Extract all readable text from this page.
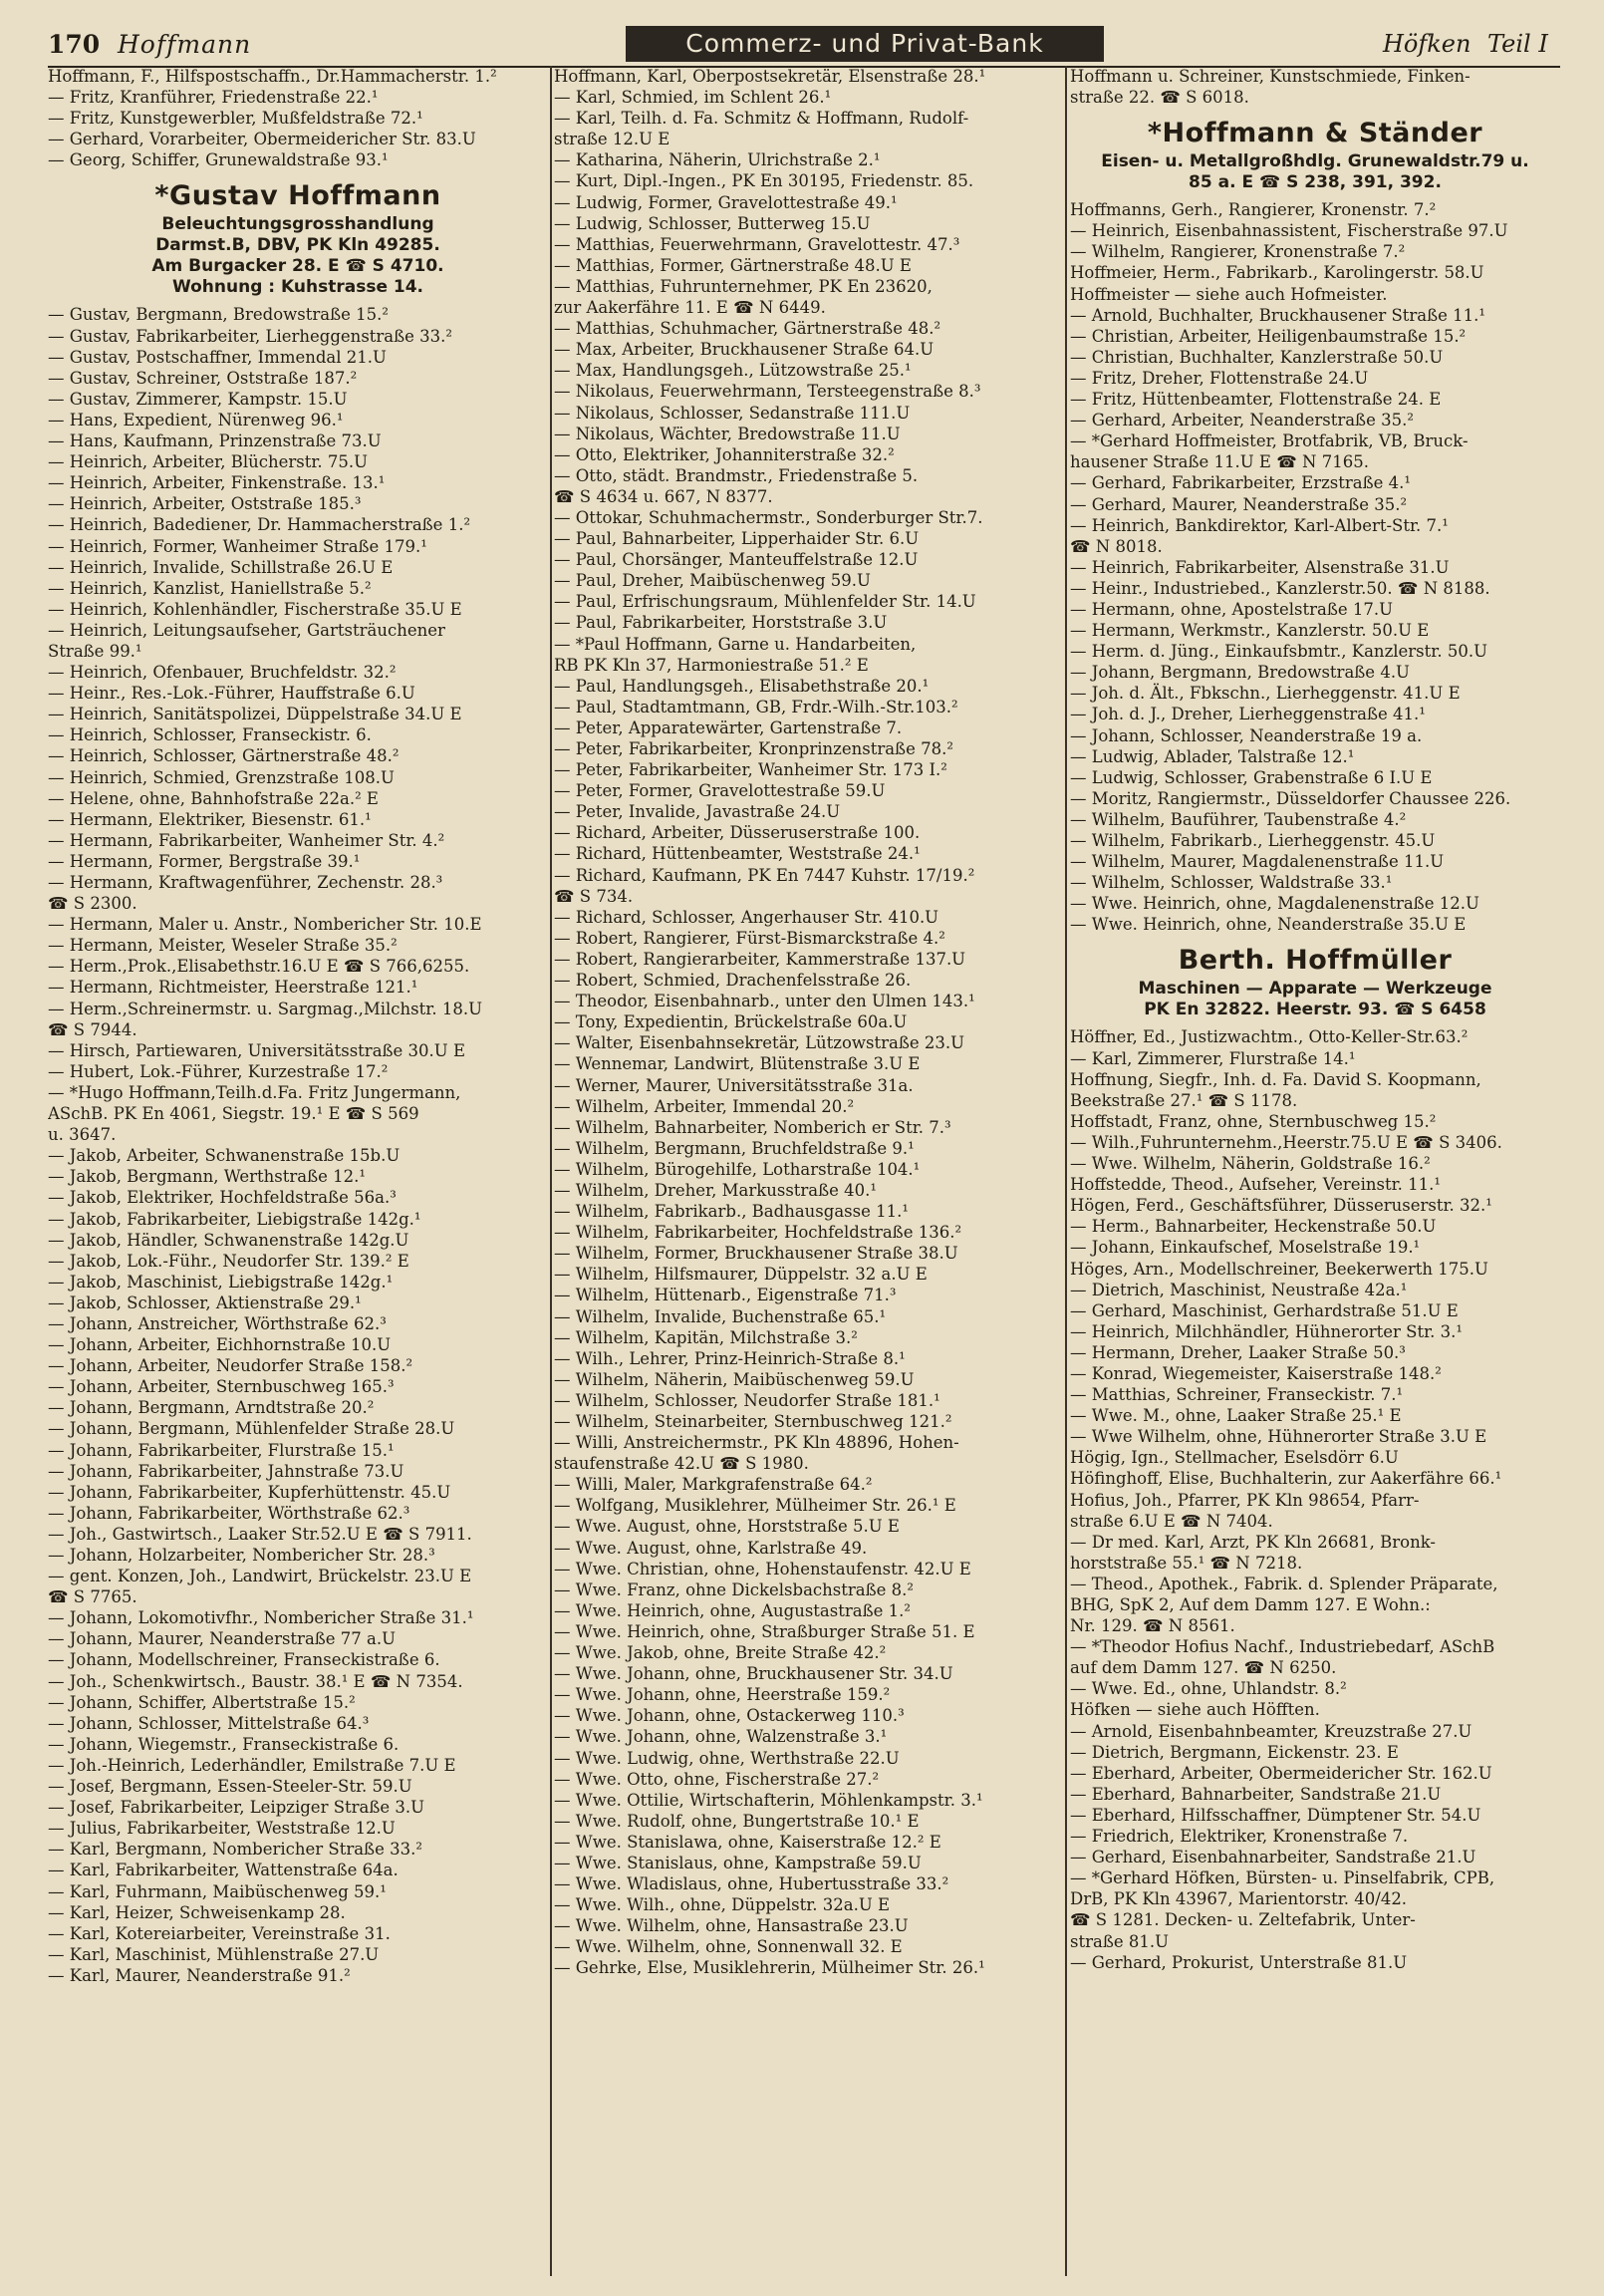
170 Hoffmann	Commerz- und Privat-Bank	Höfken Teil I
Hoffmann, F., Hilfspostschaffn., Dr.Hammacherstr. 1.²
— Fritz, Kranführer, Friedenstraße 22.¹
— Fritz, Kunstgewerbler, Mußfeldstraße 72.¹
— Gerhard, Vorarbeiter, Obermeidericher Str. 83.U
— Georg, Schiffer, Grunewaldstraße 93.¹
*Gustav Hoffmann
Beleuchtungsgrosshandlung
Darmst.B, DBV, PK Kln 49285.
Am Burgacker 28. E ☎ S 4710.
Wohnung : Kuhstrasse 14.
— Gustav, Bergmann, Bredowstraße 15.²
— Gustav, Fabrikarbeiter, Lierheggenstraße 33.²
— Gustav, Postschaffner, Immendal 21.U
— Gustav, Schreiner, Oststraße 187.²
— Gustav, Zimmerer, Kampstr. 15.U
— Hans, Expedient, Nürenweg 96.¹
— Hans, Kaufmann, Prinzenstraße 73.U
— Heinrich, Arbeiter, Blücherstr. 75.U
— Heinrich, Arbeiter, Finkenstraße. 13.¹
— Heinrich, Arbeiter, Oststraße 185.³
— Heinrich, Badediener, Dr. Hammacherstraße 1.²
— Heinrich, Former, Wanheimer Straße 179.¹
— Heinrich, Invalide, Schillstraße 26.U E
— Heinrich, Kanzlist, Haniellstraße 5.²
— Heinrich, Kohlenhändler, Fischerstraße 35.U E
— Heinrich, Leitungsaufseher, Gartsträuchener
Straße 99.¹
— Heinrich, Ofenbauer, Bruchfeldstr. 32.²
— Heinr., Res.-Lok.-Führer, Hauffstraße 6.U
— Heinrich, Sanitätspolizei, Düppelstraße 34.U E
— Heinrich, Schlosser, Franseckistr. 6.
— Heinrich, Schlosser, Gärtnerstraße 48.²
— Heinrich, Schmied, Grenzstraße 108.U
— Helene, ohne, Bahnhofstraße 22a.² E
— Hermann, Elektriker, Biesenstr. 61.¹
— Hermann, Fabrikarbeiter, Wanheimer Str. 4.²
— Hermann, Former, Bergstraße 39.¹
— Hermann, Kraftwagenführer, Zechenstr. 28.³
☎ S 2300.
— Hermann, Maler u. Anstr., Nombericher Str. 10.E
— Hermann, Meister, Weseler Straße 35.²
— Herm.,Prok.,Elisabethstr.16.U E ☎ S 766,6255.
— Hermann, Richtmeister, Heerstraße 121.¹
— Herm.,Schreinermstr. u. Sargmag.,Milchstr. 18.U
☎ S 7944.
— Hirsch, Partiewaren, Universitätsstraße 30.U E
— Hubert, Lok.-Führer, Kurzestraße 17.²
— *Hugo Hoffmann,Teilh.d.Fa. Fritz Jungermann,
ASchB. PK En 4061, Siegstr. 19.¹ E ☎ S 569
u. 3647.
— Jakob, Arbeiter, Schwanenstraße 15b.U
— Jakob, Bergmann, Werthstraße 12.¹
— Jakob, Elektriker, Hochfeldstraße 56a.³
— Jakob, Fabrikarbeiter, Liebigstraße 142g.¹
— Jakob, Händler, Schwanenstraße 142g.U
— Jakob, Lok.-Führ., Neudorfer Str. 139.² E
— Jakob, Maschinist, Liebigstraße 142g.¹
— Jakob, Schlosser, Aktienstraße 29.¹
— Johann, Anstreicher, Wörthstraße 62.³
— Johann, Arbeiter, Eichhornstraße 10.U
— Johann, Arbeiter, Neudorfer Straße 158.²
— Johann, Arbeiter, Sternbuschweg 165.³
— Johann, Bergmann, Arndtstraße 20.²
— Johann, Bergmann, Mühlenfelder Straße 28.U
— Johann, Fabrikarbeiter, Flurstraße 15.¹
— Johann, Fabrikarbeiter, Jahnstraße 73.U
— Johann, Fabrikarbeiter, Kupferhüttenstr. 45.U
— Johann, Fabrikarbeiter, Wörthstraße 62.³
— Joh., Gastwirtsch., Laaker Str.52.U E ☎ S 7911.
— Johann, Holzarbeiter, Nombericher Str. 28.³
— gent. Konzen, Joh., Landwirt, Brückelstr. 23.U E
☎ S 7765.
— Johann, Lokomotivfhr., Nombericher Straße 31.¹
— Johann, Maurer, Neanderstraße 77 a.U
— Johann, Modellschreiner, Franseckistraße 6.
— Joh., Schenkwirtsch., Baustr. 38.¹ E ☎ N 7354.
— Johann, Schiffer, Albertstraße 15.²
— Johann, Schlosser, Mittelstraße 64.³
— Johann, Wiegemstr., Franseckistraße 6.
— Joh.-Heinrich, Lederhändler, Emilstraße 7.U E
— Josef, Bergmann, Essen-Steeler-Str. 59.U
— Josef, Fabrikarbeiter, Leipziger Straße 3.U
— Julius, Fabrikarbeiter, Weststraße 12.U
— Karl, Bergmann, Nombericher Straße 33.²
— Karl, Fabrikarbeiter, Wattenstraße 64a.
— Karl, Fuhrmann, Maibüschenweg 59.¹
— Karl, Heizer, Schweisenkamp 28.
— Karl, Kotereiarbeiter, Vereinstraße 31.
— Karl, Maschinist, Mühlenstraße 27.U
— Karl, Maurer, Neanderstraße 91.²
Hoffmann, Karl, Oberpostsekretär, Elsenstraße 28.¹
— Karl, Schmied, im Schlent 26.¹
— Karl, Teilh. d. Fa. Schmitz & Hoffmann, Rudolf-
straße 12.U E
— Katharina, Näherin, Ulrichstraße 2.¹
— Kurt, Dipl.-Ingen., PK En 30195, Friedenstr. 85.
— Ludwig, Former, Gravelottestraße 49.¹
— Ludwig, Schlosser, Butterweg 15.U
— Matthias, Feuerwehrmann, Gravelottestr. 47.³
— Matthias, Former, Gärtnerstraße 48.U E
— Matthias, Fuhrunternehmer, PK En 23620,
zur Aakerfähre 11. E ☎ N 6449.
— Matthias, Schuhmacher, Gärtnerstraße 48.²
— Max, Arbeiter, Bruckhausener Straße 64.U
— Max, Handlungsgeh., Lützowstraße 25.¹
— Nikolaus, Feuerwehrmann, Tersteegenstraße 8.³
— Nikolaus, Schlosser, Sedanstraße 111.U
— Nikolaus, Wächter, Bredowstraße 11.U
— Otto, Elektriker, Johanniterstraße 32.²
— Otto, städt. Brandmstr., Friedenstraße 5.
☎ S 4634 u. 667, N 8377.
— Ottokar, Schuhmachermstr., Sonderburger Str.7.
— Paul, Bahnarbeiter, Lipperhaider Str. 6.U
— Paul, Chorsänger, Manteuffelstraße 12.U
— Paul, Dreher, Maibüschenweg 59.U
— Paul, Erfrischungsraum, Mühlenfelder Str. 14.U
— Paul, Fabrikarbeiter, Horststraße 3.U
— *Paul Hoffmann, Garne u. Handarbeiten,
RB PK Kln 37, Harmoniestraße 51.² E
— Paul, Handlungsgeh., Elisabethstraße 20.¹
— Paul, Stadtamtmann, GB, Frdr.-Wilh.-Str.103.²
— Peter, Apparatewärter, Gartenstraße 7.
— Peter, Fabrikarbeiter, Kronprinzenstraße 78.²
— Peter, Fabrikarbeiter, Wanheimer Str. 173 I.²
— Peter, Former, Gravelottestraße 59.U
— Peter, Invalide, Javastraße 24.U
— Richard, Arbeiter, Düsseruserstraße 100.
— Richard, Hüttenbeamter, Weststraße 24.¹
— Richard, Kaufmann, PK En 7447 Kuhstr. 17/19.²
☎ S 734.
— Richard, Schlosser, Angerhauser Str. 410.U
— Robert, Rangierer, Fürst-Bismarckstraße 4.²
— Robert, Rangierarbeiter, Kammerstraße 137.U
— Robert, Schmied, Drachenfelsstraße 26.
— Theodor, Eisenbahnarb., unter den Ulmen 143.¹
— Tony, Expedientin, Brückelstraße 60a.U
— Walter, Eisenbahnsekretär, Lützowstraße 23.U
— Wennemar, Landwirt, Blütenstraße 3.U E
— Werner, Maurer, Universitätsstraße 31a.
— Wilhelm, Arbeiter, Immendal 20.²
— Wilhelm, Bahnarbeiter, Nomberich er Str. 7.³
— Wilhelm, Bergmann, Bruchfeldstraße 9.¹
— Wilhelm, Bürogehilfe, Lotharstraße 104.¹
— Wilhelm, Dreher, Markusstraße 40.¹
— Wilhelm, Fabrikarb., Badhausgasse 11.¹
— Wilhelm, Fabrikarbeiter, Hochfeldstraße 136.²
— Wilhelm, Former, Bruckhausener Straße 38.U
— Wilhelm, Hilfsmaurer, Düppelstr. 32 a.U E
— Wilhelm, Hüttenarb., Eigenstraße 71.³
— Wilhelm, Invalide, Buchenstraße 65.¹
— Wilhelm, Kapitän, Milchstraße 3.²
— Wilh., Lehrer, Prinz-Heinrich-Straße 8.¹
— Wilhelm, Näherin, Maibüschenweg 59.U
— Wilhelm, Schlosser, Neudorfer Straße 181.¹
— Wilhelm, Steinarbeiter, Sternbuschweg 121.²
— Willi, Anstreichermstr., PK Kln 48896, Hohen-
staufenstraße 42.U ☎ S 1980.
— Willi, Maler, Markgrafenstraße 64.²
— Wolfgang, Musiklehrer, Mülheimer Str. 26.¹ E
— Wwe. August, ohne, Horststraße 5.U E
— Wwe. August, ohne, Karlstraße 49.
— Wwe. Christian, ohne, Hohenstaufenstr. 42.U E
— Wwe. Franz, ohne Dickelsbachstraße 8.²
— Wwe. Heinrich, ohne, Augustastraße 1.²
— Wwe. Heinrich, ohne, Straßburger Straße 51. E
— Wwe. Jakob, ohne, Breite Straße 42.²
— Wwe. Johann, ohne, Bruckhausener Str. 34.U
— Wwe. Johann, ohne, Heerstraße 159.²
— Wwe. Johann, ohne, Ostackerweg 110.³
— Wwe. Johann, ohne, Walzenstraße 3.¹
— Wwe. Ludwig, ohne, Werthstraße 22.U
— Wwe. Otto, ohne, Fischerstraße 27.²
— Wwe. Ottilie, Wirtschafterin, Möhlenkampstr. 3.¹
— Wwe. Rudolf, ohne, Bungertstraße 10.¹ E
— Wwe. Stanislawa, ohne, Kaiserstraße 12.² E
— Wwe. Stanislaus, ohne, Kampstraße 59.U
— Wwe. Wladislaus, ohne, Hubertusstraße 33.²
— Wwe. Wilh., ohne, Düppelstr. 32a.U E
— Wwe. Wilhelm, ohne, Hansastraße 23.U
— Wwe. Wilhelm, ohne, Sonnenwall 32. E
— Gehrke, Else, Musiklehrerin, Mülheimer Str. 26.¹
Hoffmann u. Schreiner, Kunstschmiede, Finken-
straße 22. ☎ S 6018.
*Hoffmann & Ständer
Eisen- u. Metallgroßhdlg. Grunewaldstr.79 u.
85 a. E ☎ S 238, 391, 392.
Hoffmanns, Gerh., Rangierer, Kronenstr. 7.²
— Heinrich, Eisenbahnassistent, Fischerstraße 97.U
— Wilhelm, Rangierer, Kronenstraße 7.²
Hoffmeier, Herm., Fabrikarb., Karolingerstr. 58.U
Hoffmeister — siehe auch Hofmeister.
— Arnold, Buchhalter, Bruckhausener Straße 11.¹
— Christian, Arbeiter, Heiligenbaumstraße 15.²
— Christian, Buchhalter, Kanzlerstraße 50.U
— Fritz, Dreher, Flottenstraße 24.U
— Fritz, Hüttenbeamter, Flottenstraße 24. E
— Gerhard, Arbeiter, Neanderstraße 35.²
— *Gerhard Hoffmeister, Brotfabrik, VB, Bruck-
hausener Straße 11.U E ☎ N 7165.
— Gerhard, Fabrikarbeiter, Erzstraße 4.¹
— Gerhard, Maurer, Neanderstraße 35.²
— Heinrich, Bankdirektor, Karl-Albert-Str. 7.¹
☎ N 8018.
— Heinrich, Fabrikarbeiter, Alsenstraße 31.U
— Heinr., Industriebed., Kanzlerstr.50. ☎ N 8188.
— Hermann, ohne, Apostelstraße 17.U
— Hermann, Werkmstr., Kanzlerstr. 50.U E
— Herm. d. Jüng., Einkaufsbmtr., Kanzlerstr. 50.U
— Johann, Bergmann, Bredowstraße 4.U
— Joh. d. Ält., Fbkschn., Lierheggenstr. 41.U E
— Joh. d. J., Dreher, Lierheggenstraße 41.¹
— Johann, Schlosser, Neanderstraße 19 a.
— Ludwig, Ablader, Talstraße 12.¹
— Ludwig, Schlosser, Grabenstraße 6 I.U E
— Moritz, Rangiermstr., Düsseldorfer Chaussee 226.
— Wilhelm, Bauführer, Taubenstraße 4.²
— Wilhelm, Fabrikarb., Lierheggenstr. 45.U
— Wilhelm, Maurer, Magdalenenstraße 11.U
— Wilhelm, Schlosser, Waldstraße 33.¹
— Wwe. Heinrich, ohne, Magdalenenstraße 12.U
— Wwe. Heinrich, ohne, Neanderstraße 35.U E
Berth. Hoffmüller
Maschinen — Apparate — Werkzeuge
PK En 32822. Heerstr. 93. ☎ S 6458
Höffner, Ed., Justizwachtm., Otto-Keller-Str.63.²
— Karl, Zimmerer, Flurstraße 14.¹
Hoffnung, Siegfr., Inh. d. Fa. David S. Koopmann,
Beekstraße 27.¹ ☎ S 1178.
Hoffstadt, Franz, ohne, Sternbuschweg 15.²
— Wilh.,Fuhrunternehm.,Heerstr.75.U E ☎ S 3406.
— Wwe. Wilhelm, Näherin, Goldstraße 16.²
Hoffstedde, Theod., Aufseher, Vereinstr. 11.¹
Högen, Ferd., Geschäftsführer, Düsseruserstr. 32.¹
— Herm., Bahnarbeiter, Heckenstraße 50.U
— Johann, Einkaufschef, Moselstraße 19.¹
Höges, Arn., Modellschreiner, Beekerwerth 175.U
— Dietrich, Maschinist, Neustraße 42a.¹
— Gerhard, Maschinist, Gerhardstraße 51.U E
— Heinrich, Milchhändler, Hühnerorter Str. 3.¹
— Hermann, Dreher, Laaker Straße 50.³
— Konrad, Wiegemeister, Kaiserstraße 148.²
— Matthias, Schreiner, Franseckistr. 7.¹
— Wwe. M., ohne, Laaker Straße 25.¹ E
— Wwe Wilhelm, ohne, Hühnerorter Straße 3.U E
Högig, Ign., Stellmacher, Eselsdörr 6.U
Höfinghoff, Elise, Buchhalterin, zur Aakerfähre 66.¹
Hofius, Joh., Pfarrer, PK Kln 98654, Pfarr-
straße 6.U E ☎ N 7404.
— Dr med. Karl, Arzt, PK Kln 26681, Bronk-
horststraße 55.¹ ☎ N 7218.
— Theod., Apothek., Fabrik. d. Splender Präparate,
BHG, SpK 2, Auf dem Damm 127. E Wohn.:
Nr. 129. ☎ N 8561.
— *Theodor Hofius Nachf., Industriebedarf, ASchB
auf dem Damm 127. ☎ N 6250.
— Wwe. Ed., ohne, Uhlandstr. 8.²
Höfken — siehe auch Höfften.
— Arnold, Eisenbahnbeamter, Kreuzstraße 27.U
— Dietrich, Bergmann, Eickenstr. 23. E
— Eberhard, Arbeiter, Obermeidericher Str. 162.U
— Eberhard, Bahnarbeiter, Sandstraße 21.U
— Eberhard, Hilfsschaffner, Dümptener Str. 54.U
— Friedrich, Elektriker, Kronenstraße 7.
— Gerhard, Eisenbahnarbeiter, Sandstraße 21.U
— *Gerhard Höfken, Bürsten- u. Pinselfabrik, CPB,
DrB, PK Kln 43967, Marientorstr. 40/42.
☎ S 1281. Decken- u. Zeltefabrik, Unter-
straße 81.U
— Gerhard, Prokurist, Unterstraße 81.U
